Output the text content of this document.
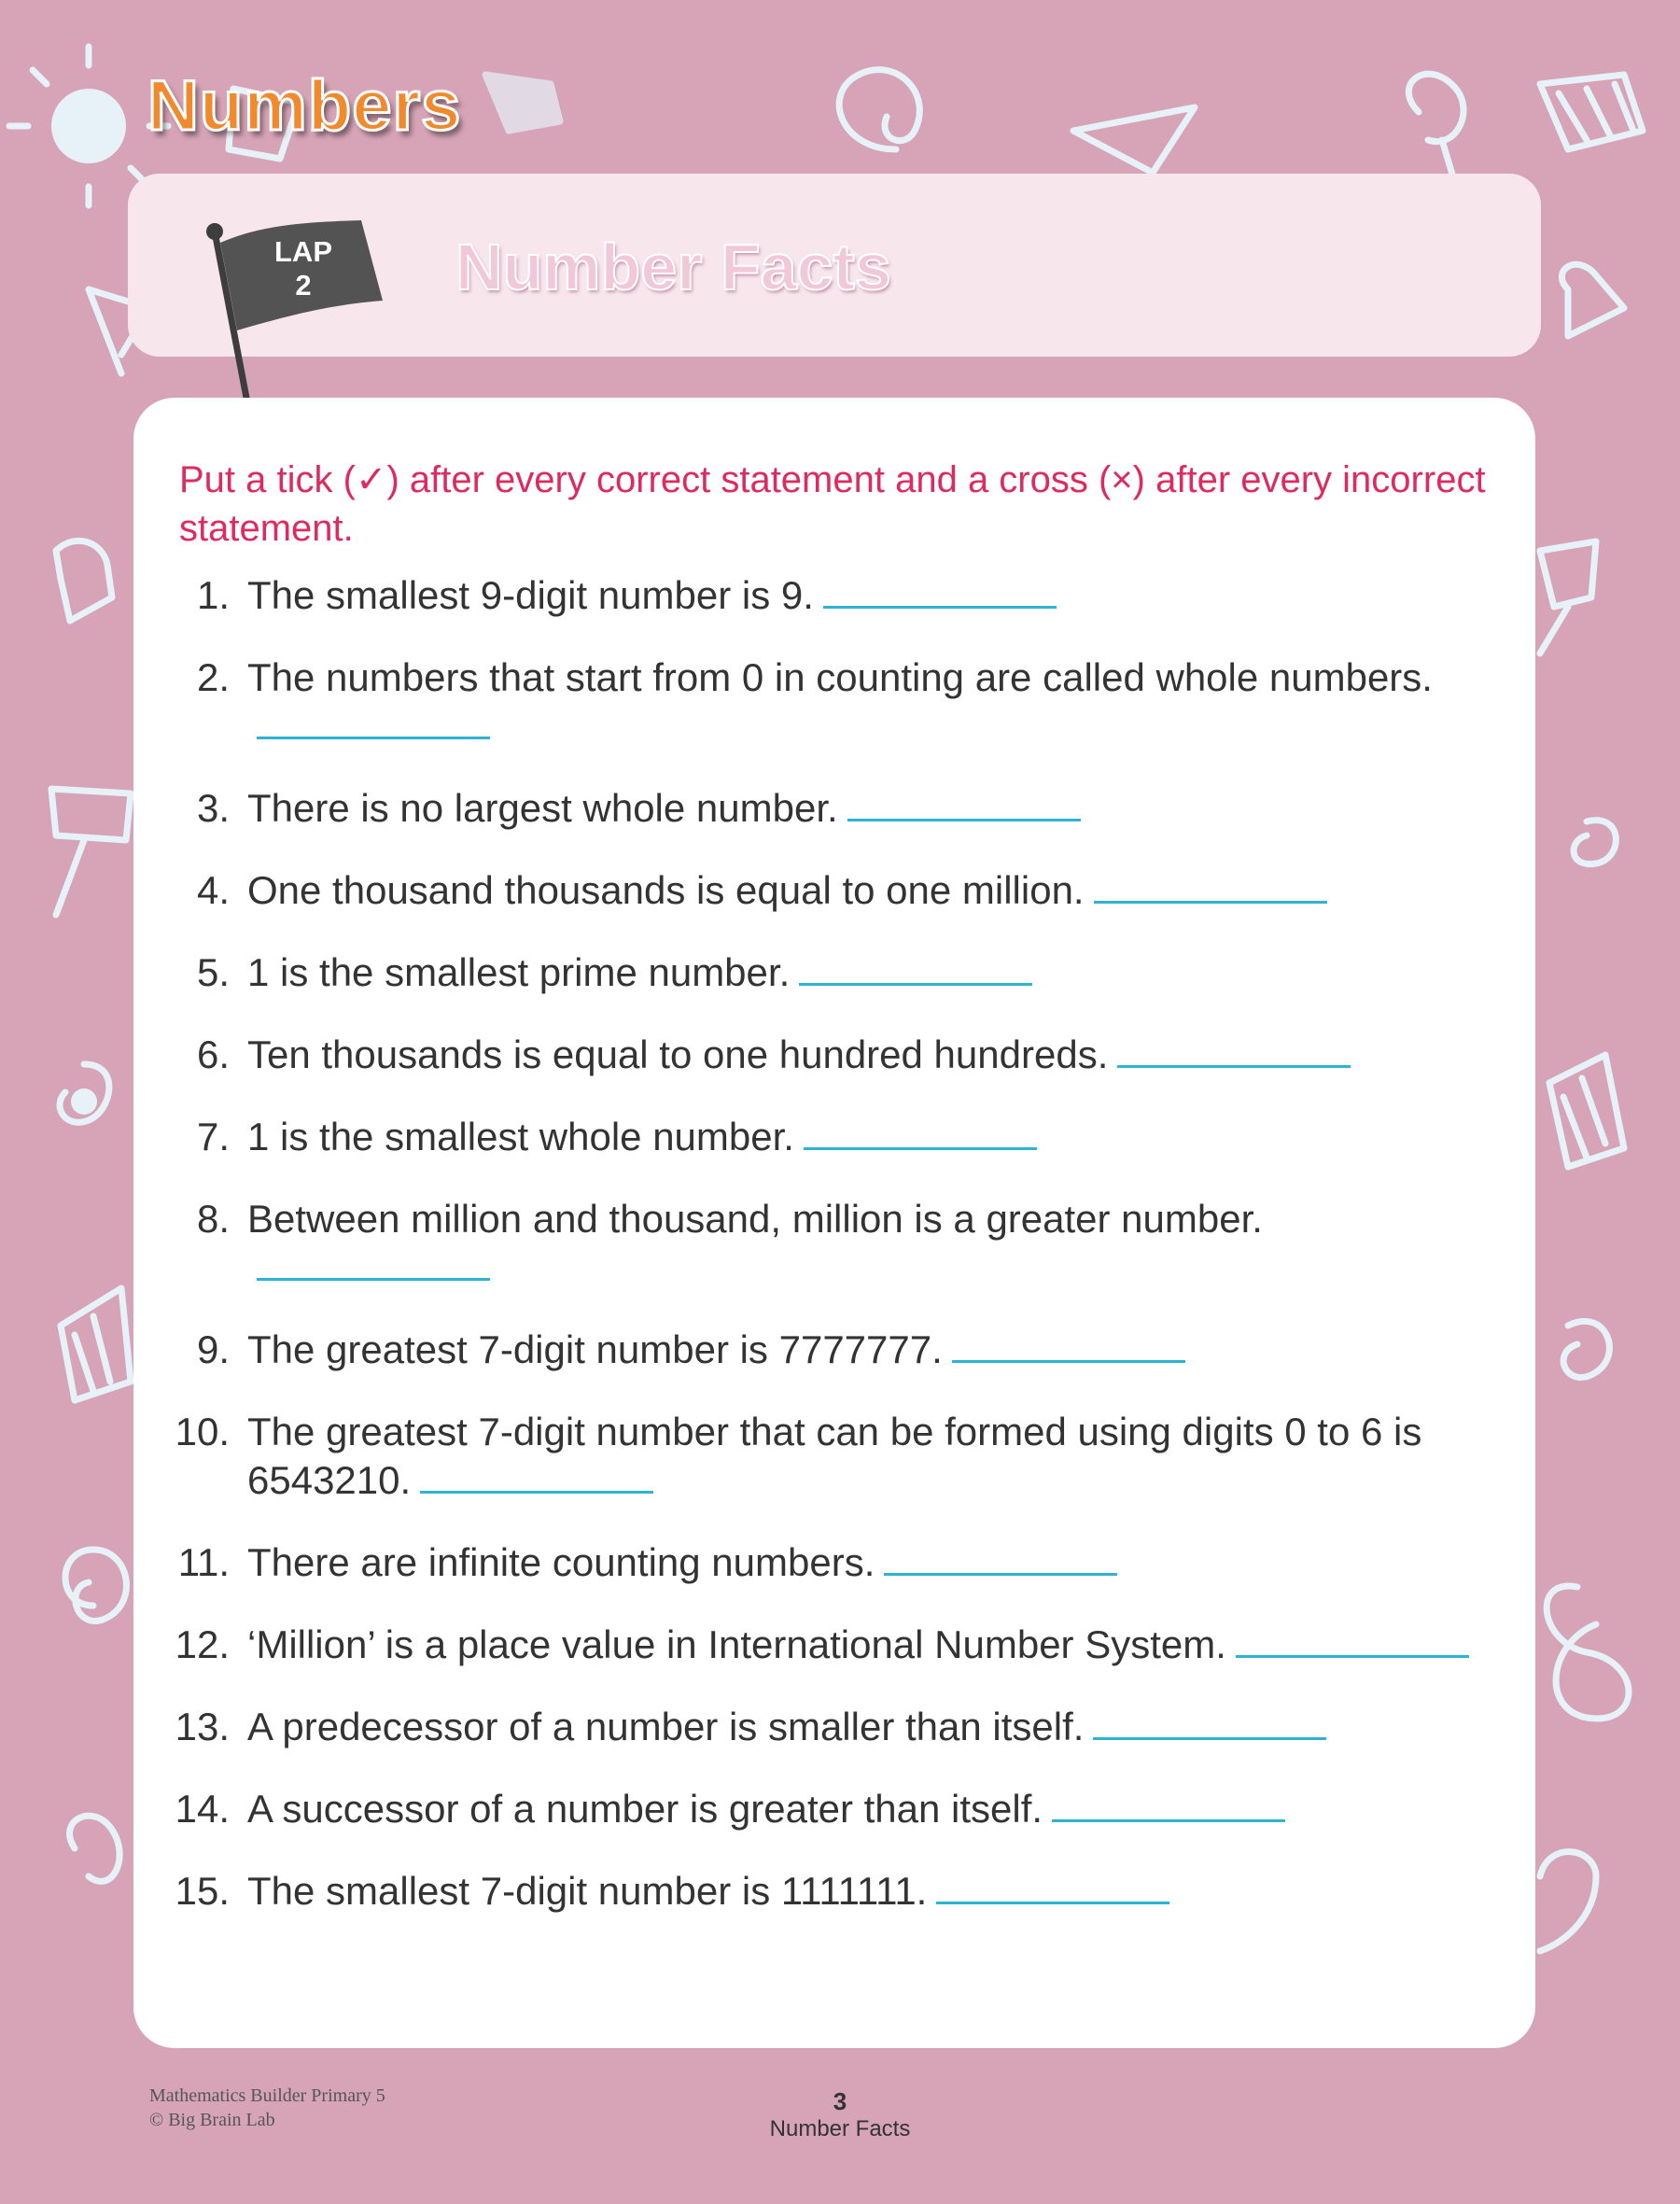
Numbers
LAP
2	Number Facts
Put a tick (✓) after every correct statement and a cross (×) after every incorrect statement.
1. The smallest 9-digit number is 9.
2. The numbers that start from 0 in counting are called whole numbers.
3. There is no largest whole number.
4. One thousand thousands is equal to one million.
5. 1 is the smallest prime number.
6. Ten thousands is equal to one hundred hundreds.
7. 1 is the smallest whole number.
8. Between million and thousand, million is a greater number.
9. The greatest 7-digit number is 7777777.
10. The greatest 7-digit number that can be formed using digits 0 to 6 is 6543210.
11. There are infinite counting numbers.
12. ‘Million’ is a place value in International Number System.
13. A predecessor of a number is smaller than itself.
14. A successor of a number is greater than itself.
15. The smallest 7-digit number is 1111111.
Mathematics Builder Primary 5
© Big Brain Lab
3
Number Facts
